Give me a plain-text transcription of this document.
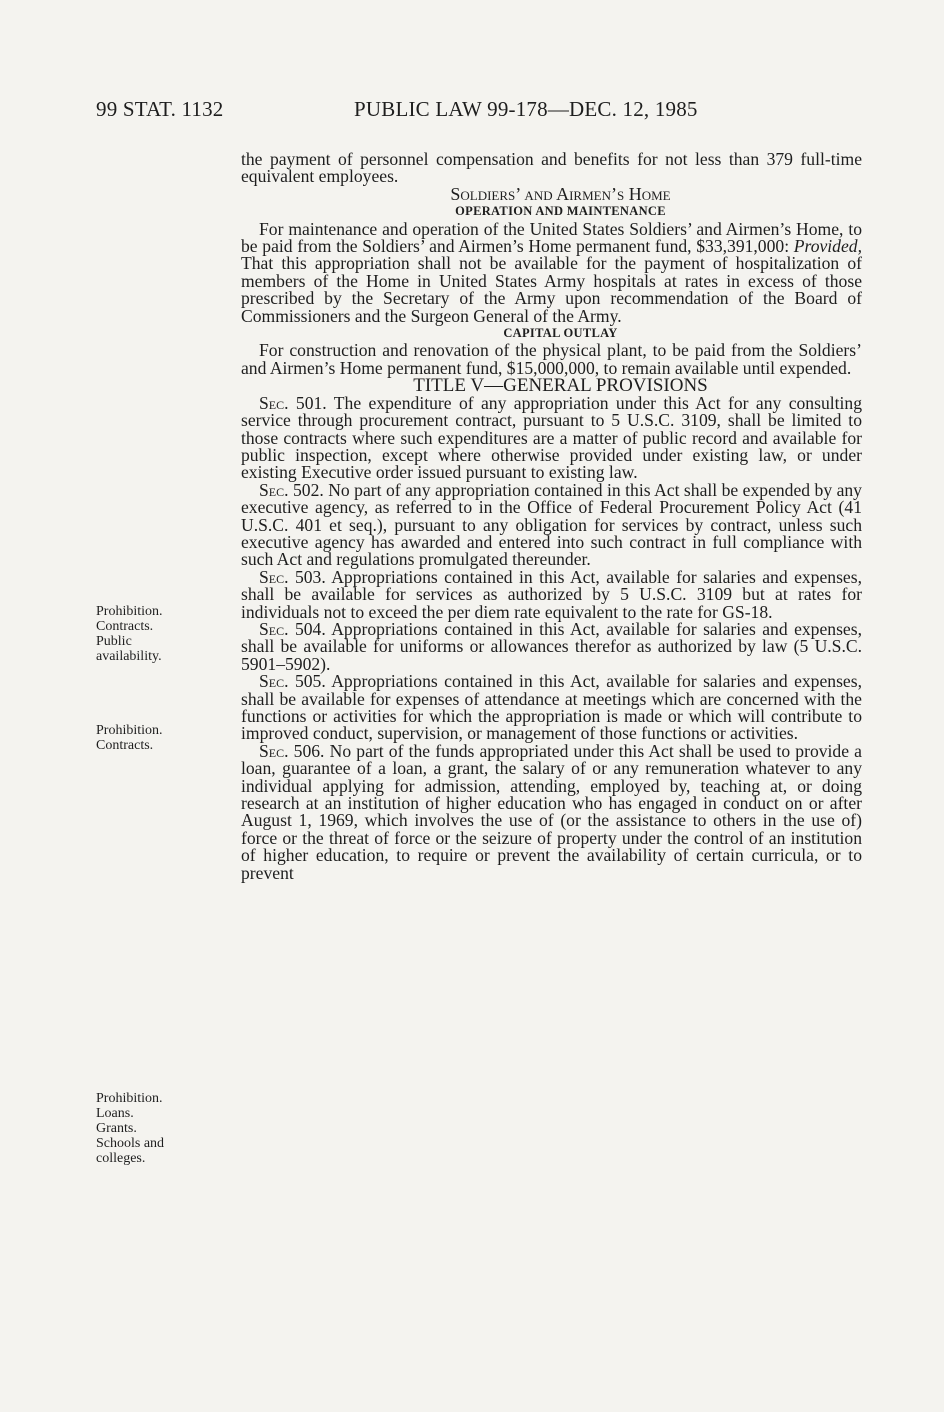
99 STAT. 1132	PUBLIC LAW 99-178—DEC. 12, 1985
Prohibition.
Contracts.
Public
availability.
Prohibition.
Contracts.
Prohibition.
Loans.
Grants.
Schools and
colleges.

the payment of personnel compensation and benefits for not less than 379 full-time equivalent employees.

Soldiers’ and Airmen’s Home

OPERATION AND MAINTENANCE

For maintenance and operation of the United States Soldiers’ and Airmen’s Home, to be paid from the Soldiers’ and Airmen’s Home permanent fund, $33,391,000: Provided, That this appropriation shall not be available for the payment of hospitalization of members of the Home in United States Army hospitals at rates in excess of those prescribed by the Secretary of the Army upon recommendation of the Board of Commissioners and the Surgeon General of the Army.

CAPITAL OUTLAY

For construction and renovation of the physical plant, to be paid from the Soldiers’ and Airmen’s Home permanent fund, $15,000,000, to remain available until expended.

TITLE V—GENERAL PROVISIONS

Sec. 501. The expenditure of any appropriation under this Act for any consulting service through procurement contract, pursuant to 5 U.S.C. 3109, shall be limited to those contracts where such expenditures are a matter of public record and available for public inspection, except where otherwise provided under existing law, or under existing Executive order issued pursuant to existing law.

Sec. 502. No part of any appropriation contained in this Act shall be expended by any executive agency, as referred to in the Office of Federal Procurement Policy Act (41 U.S.C. 401 et seq.), pursuant to any obligation for services by contract, unless such executive agency has awarded and entered into such contract in full compliance with such Act and regulations promulgated thereunder.

Sec. 503. Appropriations contained in this Act, available for salaries and expenses, shall be available for services as authorized by 5 U.S.C. 3109 but at rates for individuals not to exceed the per diem rate equivalent to the rate for GS-18.

Sec. 504. Appropriations contained in this Act, available for salaries and expenses, shall be available for uniforms or allowances therefor as authorized by law (5 U.S.C. 5901–5902).

Sec. 505. Appropriations contained in this Act, available for salaries and expenses, shall be available for expenses of attendance at meetings which are concerned with the functions or activities for which the appropriation is made or which will contribute to improved conduct, supervision, or management of those functions or activities.

Sec. 506. No part of the funds appropriated under this Act shall be used to provide a loan, guarantee of a loan, a grant, the salary of or any remuneration whatever to any individual applying for admission, attending, employed by, teaching at, or doing research at an institution of higher education who has engaged in conduct on or after August 1, 1969, which involves the use of (or the assistance to others in the use of) force or the threat of force or the seizure of property under the control of an institution of higher education, to require or prevent the availability of certain curricula, or to prevent
